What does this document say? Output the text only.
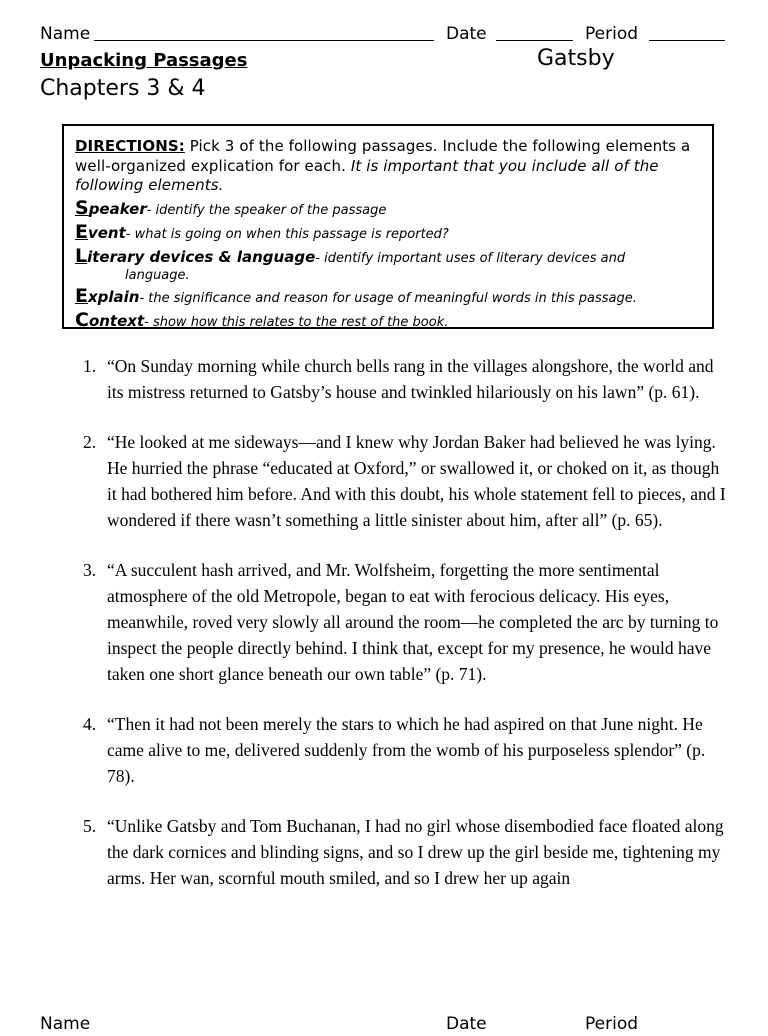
Name	Date	Period
Unpacking Passages	Gatsby
Chapters 3 & 4
DIRECTIONS: Pick 3 of the following passages. Include the following elements a well-organized explication for each. It is important that you include all of the following elements.
Speaker- identify the speaker of the passage
Event- what is going on when this passage is reported?
Literary devices & language- identify important uses of literary devices and
language.
Explain- the significance and reason for usage of meaningful words in this passage.
Context- show how this relates to the rest of the book.
1. “On Sunday morning while church bells rang in the villages alongshore, the world and its mistress returned to Gatsby’s house and twinkled hilariously on his lawn” (p. 61).
2. “He looked at me sideways—and I knew why Jordan Baker had believed he was lying. He hurried the phrase “educated at Oxford,” or swallowed it, or choked on it, as though it had bothered him before. And with this doubt, his whole statement fell to pieces, and I wondered if there wasn’t something a little sinister about him, after all” (p. 65).
3. “A succulent hash arrived, and Mr. Wolfsheim, forgetting the more sentimental atmosphere of the old Metropole, began to eat with ferocious delicacy. His eyes, meanwhile, roved very slowly all around the room—he completed the arc by turning to inspect the people directly behind. I think that, except for my presence, he would have taken one short glance beneath our own table” (p. 71).
4. “Then it had not been merely the stars to which he had aspired on that June night. He came alive to me, delivered suddenly from the womb of his purposeless splendor” (p. 78).
5. “Unlike Gatsby and Tom Buchanan, I had no girl whose disembodied face floated along the dark cornices and blinding signs, and so I drew up the girl beside me, tightening my arms. Her wan, scornful mouth smiled, and so I drew her up again
Name	Date	Period
